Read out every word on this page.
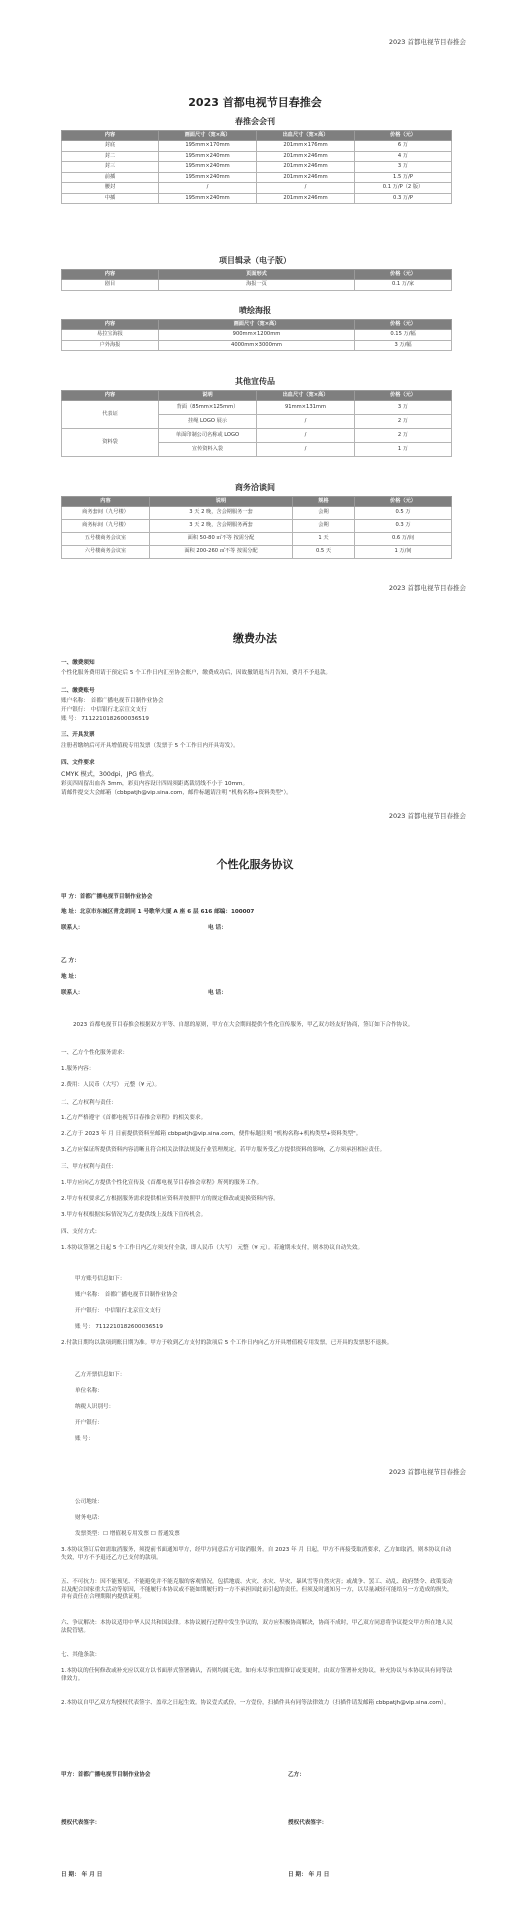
2023 首都电视节目春推会
2023 首都电视节目春推会
春推会会刊
内容	画面尺寸（宽×高）	出血尺寸（宽×高）	价格（元）
封底	195mm×170mm	201mm×176mm	6 万
封二	195mm×240mm	201mm×246mm	4 万
封三	195mm×240mm	201mm×246mm	3 万
前插	195mm×240mm	201mm×246mm	1.5 万/P
腰封	/	/	0.1 万/P（2 版）
中插	195mm×240mm	201mm×246mm	0.3 万/P
项目辑录（电子版）
内容	页面形式	价格（元）
剧目	海报一页	0.1 万/家
喷绘海报
内容	画面尺寸（宽×高）	价格（元）
易拉宝海报	900mm×1200mm	0.15 万/幅
户外海报	4000mm×3000mm	3 万/幅
其他宣传品
内容	说明	出血尺寸（宽×高）	价格（元）
代表证	背面（85mm×125mm）	91mm×131mm	3 万
	挂绳 LOGO 展示	/	2 万
资料袋	单面印制公司名称或 LOGO	/	2 万
	宣传资料入袋	/	1 万
商务洽谈间
内容	说明	规格	价格（元）
商务套间（九号楼）	3 天 2 晚，含会期服务一套	会期	0.5 万
商务标间（九号楼）	3 天 2 晚，含会期服务两套	会期	0.3 万
五号楼商务会议室	面积 50-80 ㎡不等 按需分配	1 天	0.6 万/间
六号楼商务会议室	面积 200-260 ㎡不等 按需分配	0.5 天	1 万/间
2023 首都电视节目春推会
缴费办法
一、缴费须知
个性化服务费用请于预定后 5 个工作日内汇至协会账户，缴费成功后，因故撤销退当月告知，费月不予退款。
二、缴费账号
账户名称： 首都广播电视节目制作业协会
开户银行： 中信银行北京宣文支行
账 号： 7112210182600036519
三、开具发票
注册者缴纳后可开具增值税专用发票（发票于 5 个工作日内开具寄发）。
四、文件要求
CMYK 模式，300dpi，JPG 格式。
彩页四周留出血各 3mm，彩页内容设计四周须距离裁切线不小于 10mm。
请邮件提交大会邮箱（cbbpatjh@vip.sina.com，邮件标题请注明 "机构名称+资料类型"）。
2023 首都电视节目春推会
个性化服务协议
甲 方：首都广播电视节目制作业协会
地 址：北京市东城区青龙胡同 1 号歌华大厦 A 座 6 层 616 邮编：100007
联系人：	电 话：
乙 方：
地 址：
联系人：	电 话：
2023 首都电视节目春推会根据双方平等、自愿的原则，甲方在大会期间提供个性化宣传服务，甲乙双方经友好协商，签订如下合作协议。
一、乙方个性化服务需求：
1.服务内容：
2.费用：人民币（大写） 元整（¥ 元）。
二、乙方权利与责任：
1.乙方严格遵守《首都电视节目春推会章程》的相关要求。
2.乙方于 2023 年 月 日前提供资料至邮箱 cbbpatjh@vip.sina.com，便件标题注明 "机构名称+机构类型+资料类型"。
3.乙方应保证所提供资料内容清晰且符合相关法律法规及行业管理规定。若甲方服务受乙方提供资料的影响，乙方须承担相应责任。
三、甲方权利与责任：
1.甲方应向乙方提供个性化宣传及《首都电视节目春推会章程》所列的服务工作。
2.甲方有权要求乙方根据服务需求提供相应资料并按照甲方的规定修改或更换资料内容。
3.甲方有权根据实际情况为乙方提供线上及线下宣传机会。
四、支付方式：
1.本协议签署之日起 5 个工作日内乙方须支付全款，即人民币（大写） 元整（¥ 元）。若逾期未支付，则本协议自动失效。
甲方账号信息如下：
账户名称： 首都广播电视节目制作业协会
开户银行： 中信银行北京宣文支行
账 号： 7112210182600036519
2.付款日期均以款项到账日期为准。甲方于收到乙方支付的款项后 5 个工作日内向乙方开具增值税专用发票，已开具的发票恕不退换。
乙方开票信息如下：
单位名称：
纳税人识别号：
开户银行：
账 号：
2023 首都电视节目春推会
公司地址：
财务电话：
发票类型：☐ 增值税专用发票 ☐ 普通发票
3.本协议签订后如需取消服务，须提前书面通知甲方，经甲方同意后方可取消服务。自 2023 年 月 日起，甲方不再接受取消要求，乙方如取消，则本协议自动失效，甲方不予退还乙方已支付的款项。
五、不可抗力：因不能预见、不能避免并不能克服的客观情况，包括地震、火灾、水灾、旱灾、暴风雪等自然灾害；或战争、罢工、动乱、政府禁令、政策变动以及配合国家重大活动等原因，不能履行本协议或不能如期履行的一方不承担因此而引起的责任。但须及时通知另一方，以尽量减轻可能给另一方造成的损失，并有责任在合理期限内提供证明。
六、争议解决：本协议适用中华人民共和国法律。本协议履行过程中发生争议的，双方应积极协商解决，协商不成时，甲乙双方同意将争议提交甲方所在地人民法院管辖。
七、其他条款：
1.本协议的任何修改或补充应以双方以书面形式签署确认，否则均属无效。如有未尽事宜需修订或变更时，由双方签署补充协议，补充协议与本协议具有同等法律效力。
2.本协议自甲乙双方均授权代表签字、盖章之日起生效。协议壹式贰份，一方壹份，扫描件具有同等法律效力（扫描件请发邮箱 cbbpatjh@vip.sina.com）。
甲方：首都广播电视节目制作业协会	乙方：
授权代表签字：	授权代表签字：
日 期： 年 月 日	日 期： 年 月 日
